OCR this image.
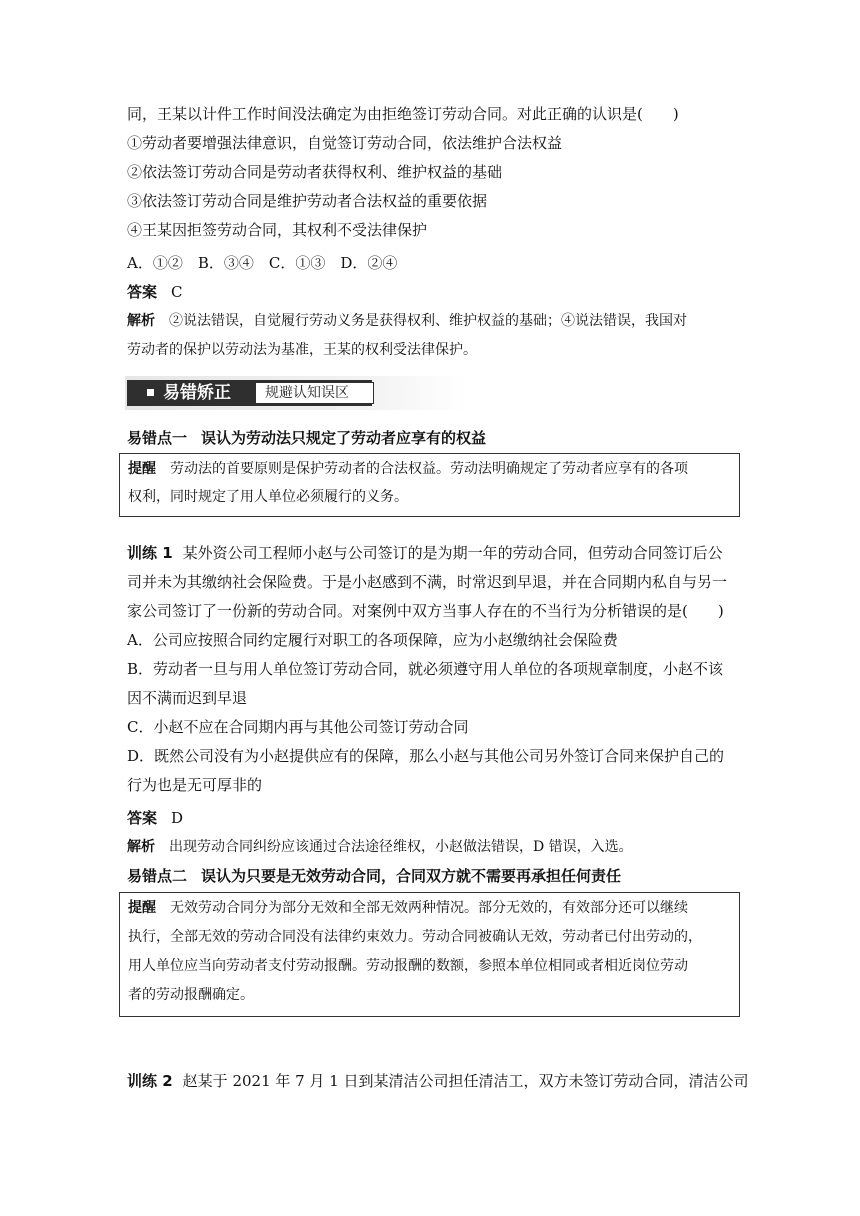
同，王某以计件工作时间没法确定为由拒绝签订劳动合同。对此正确的认识是(　　)
①劳动者要增强法律意识，自觉签订劳动合同，依法维护合法权益
②依法签订劳动合同是劳动者获得权利、维护权益的基础
③依法签订劳动合同是维护劳动者合法权益的重要依据
④王某因拒签劳动合同，其权利不受法律保护
A．①②　B．③④　C．①③　D．②④
答案 C
解析 ②说法错误，自觉履行劳动义务是获得权利、维护权益的基础；④说法错误，我国对
劳动者的保护以劳动法为基准，王某的权利受法律保护。
易错矫正 规避认知误区
易错点一 误认为劳动法只规定了劳动者应享有的权益
提醒 劳动法的首要原则是保护劳动者的合法权益。劳动法明确规定了劳动者应享有的各项
权利，同时规定了用人单位必须履行的义务。
训练 1 某外资公司工程师小赵与公司签订的是为期一年的劳动合同，但劳动合同签订后公
司并未为其缴纳社会保险费。于是小赵感到不满，时常迟到早退，并在合同期内私自与另一
家公司签订了一份新的劳动合同。对案例中双方当事人存在的不当行为分析错误的是(　　)
A．公司应按照合同约定履行对职工的各项保障，应为小赵缴纳社会保险费
B．劳动者一旦与用人单位签订劳动合同，就必须遵守用人单位的各项规章制度，小赵不该
因不满而迟到早退
C．小赵不应在合同期内再与其他公司签订劳动合同
D．既然公司没有为小赵提供应有的保障，那么小赵与其他公司另外签订合同来保护自己的
行为也是无可厚非的
答案 D
解析 出现劳动合同纠纷应该通过合法途径维权，小赵做法错误，D 错误，入选。
易错点二 误认为只要是无效劳动合同，合同双方就不需要再承担任何责任
提醒 无效劳动合同分为部分无效和全部无效两种情况。部分无效的，有效部分还可以继续
执行，全部无效的劳动合同没有法律约束效力。劳动合同被确认无效，劳动者已付出劳动的，
用人单位应当向劳动者支付劳动报酬。劳动报酬的数额，参照本单位相同或者相近岗位劳动
者的劳动报酬确定。
训练 2 赵某于 2021 年 7 月 1 日到某清洁公司担任清洁工，双方未签订劳动合同，清洁公司
